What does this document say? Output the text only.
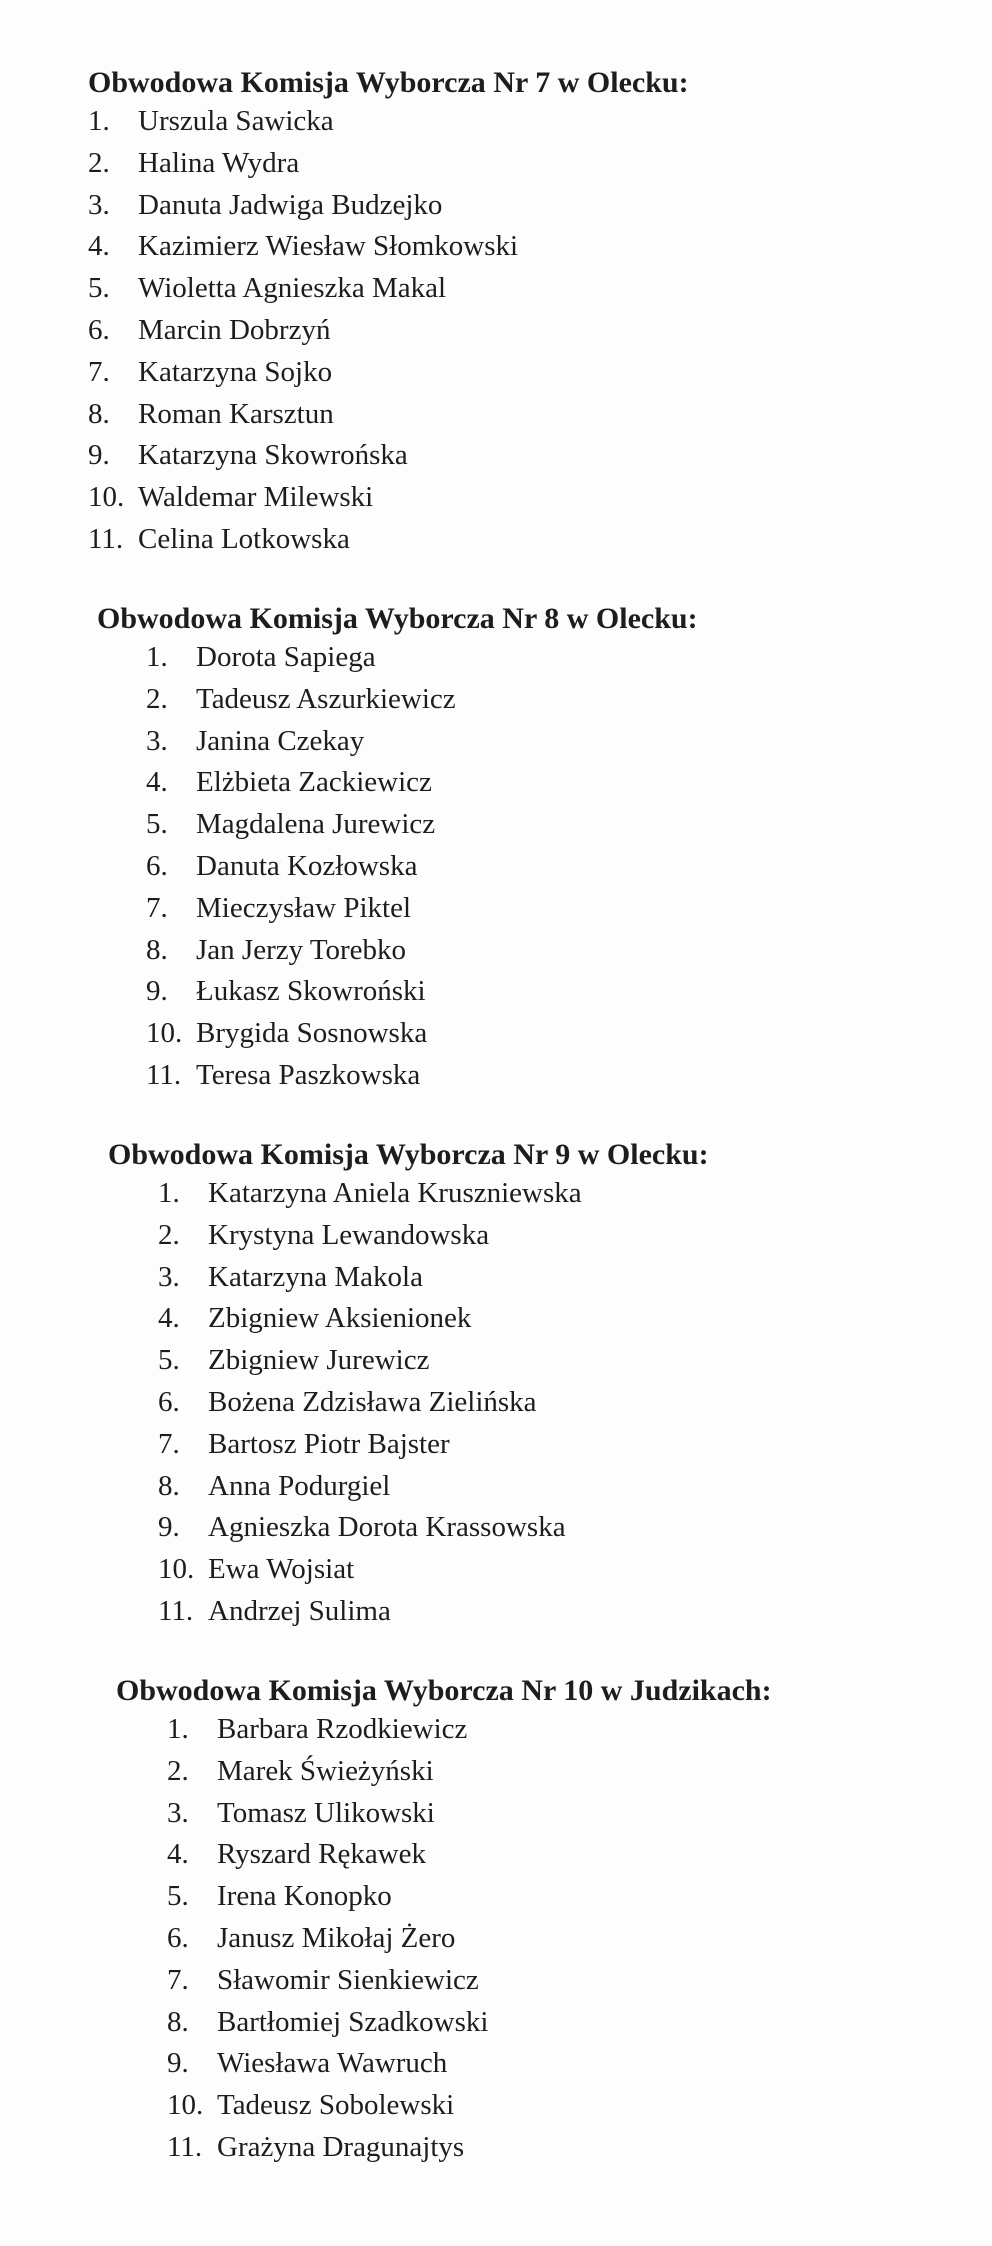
Obwodowa Komisja Wyborcza Nr 7 w Olecku:
1. Urszula Sawicka
2. Halina Wydra
3. Danuta Jadwiga Budzejko
4. Kazimierz Wiesław Słomkowski
5. Wioletta Agnieszka Makal
6. Marcin Dobrzyń
7. Katarzyna Sojko
8. Roman Karsztun
9. Katarzyna Skowrońska
10. Waldemar Milewski
11. Celina Lotkowska
Obwodowa Komisja Wyborcza Nr 8 w Olecku:
1. Dorota Sapiega
2. Tadeusz Aszurkiewicz
3. Janina Czekay
4. Elżbieta Zackiewicz
5. Magdalena Jurewicz
6. Danuta Kozłowska
7. Mieczysław Piktel
8. Jan Jerzy Torebko
9. Łukasz Skowroński
10. Brygida Sosnowska
11. Teresa Paszkowska
Obwodowa Komisja Wyborcza Nr 9 w Olecku:
1. Katarzyna Aniela Kruszniewska
2. Krystyna Lewandowska
3. Katarzyna Makola
4. Zbigniew Aksienionek
5. Zbigniew Jurewicz
6. Bożena Zdzisława Zielińska
7. Bartosz Piotr Bajster
8. Anna Podurgiel
9. Agnieszka Dorota Krassowska
10. Ewa Wojsiat
11. Andrzej Sulima
Obwodowa Komisja Wyborcza Nr 10 w Judzikach:
1. Barbara Rzodkiewicz
2. Marek Świeżyński
3. Tomasz Ulikowski
4. Ryszard Rękawek
5. Irena Konopko
6. Janusz Mikołaj Żero
7. Sławomir Sienkiewicz
8. Bartłomiej Szadkowski
9. Wiesława Wawruch
10. Tadeusz Sobolewski
11. Grażyna Dragunajtys
